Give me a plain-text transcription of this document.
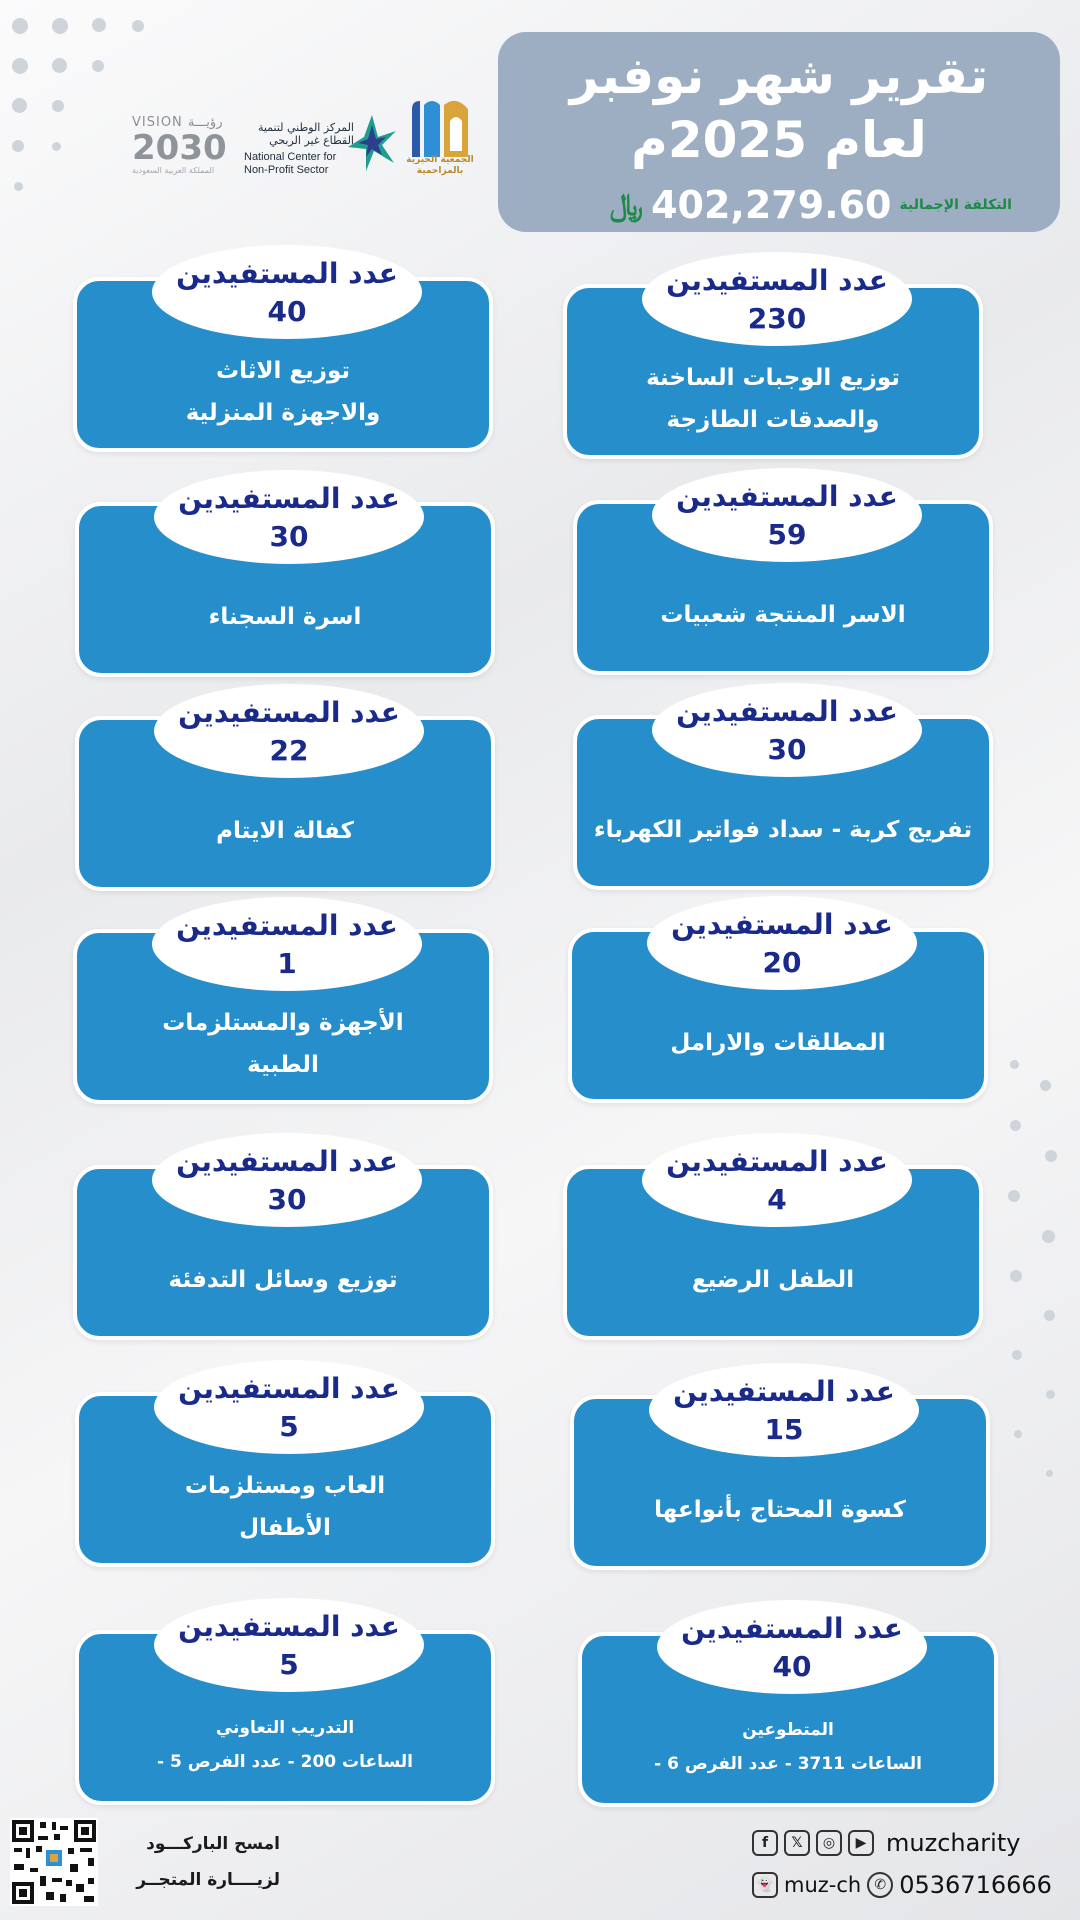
تقرير شهر نوفبر
لعام 2025م
التكلفة الإجمالية
402,279.60
﷼
VISION رؤيـــة
2030
المملكة العربية السعودية
المركز الوطني لتنمية
القطاع غير الربحي
National Center for
Non-Profit Sector
الجمعية الخيرية بالمزاحمية
عدد المستفيدين
230
توزيع الوجبات الساخنة
والصدقات الطازجة
عدد المستفيدين
40
توزيع الاثاث
والاجهزة المنزلية
عدد المستفيدين
59
الاسر المنتجة شعبيات
عدد المستفيدين
30
اسرة السجناء
عدد المستفيدين
30
تفريج كربة - سداد فواتير الكهرباء
عدد المستفيدين
22
كفالة الايتام
عدد المستفيدين
20
المطلقات والارامل
عدد المستفيدين
1
الأجهزة والمستلزمات
الطبية
عدد المستفيدين
4
الطفل الرضيع
عدد المستفيدين
30
توزيع وسائل التدفئة
عدد المستفيدين
15
كسوة المحتاج بأنواعها
عدد المستفيدين
5
العاب ومستلزمات
الأطفال
عدد المستفيدين
40
المتطوعين
- الساعات 3711 - عدد الفرص 6
عدد المستفيدين
5
التدريب التعاوني
- الساعات 200 - عدد الفرص 5
امسح الباركـــود
لزيــــارة المتجــر
f	𝕏	◎	▶ muzcharity
👻 muz-ch ✆ 0536716666
